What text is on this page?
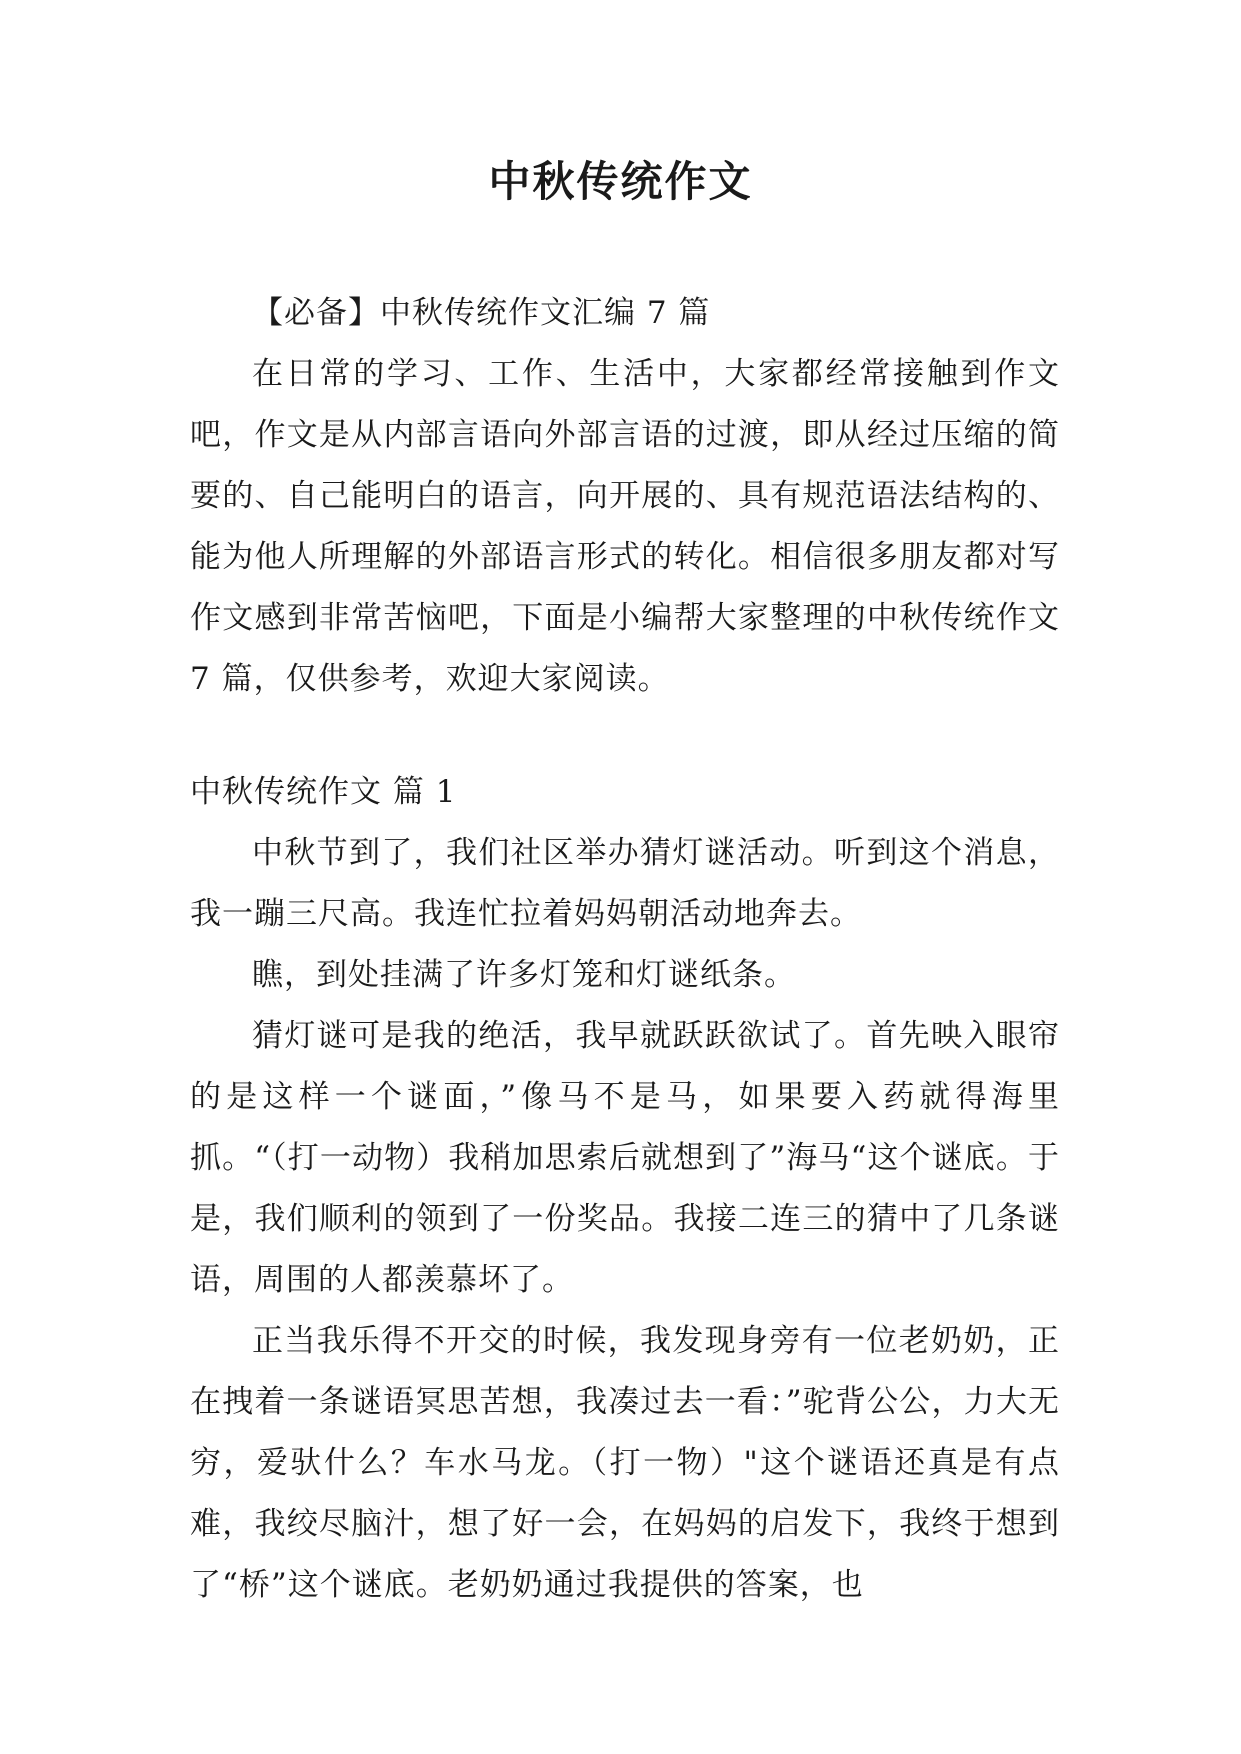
中秋传统作文

【必备】中秋传统作文汇编 7 篇

在日常的学习、工作、生活中，大家都经常接触到作文吧，作文是从内部言语向外部言语的过渡，即从经过压缩的简要的、自己能明白的语言，向开展的、具有规范语法结构的、能为他人所理解的外部语言形式的转化。相信很多朋友都对写作文感到非常苦恼吧，下面是小编帮大家整理的中秋传统作文 7 篇，仅供参考，欢迎大家阅读。

中秋传统作文 篇 1

中秋节到了，我们社区举办猜灯谜活动。听到这个消息，我一蹦三尺高。我连忙拉着妈妈朝活动地奔去。

瞧，到处挂满了许多灯笼和灯谜纸条。

猜灯谜可是我的绝活，我早就跃跃欲试了。首先映入眼帘的是这样一个谜面，”像马不是马，如果要入药就得海里抓。“（打一动物）我稍加思索后就想到了”海马“这个谜底。于是，我们顺利的领到了一份奖品。我接二连三的猜中了几条谜语，周围的人都羡慕坏了。

正当我乐得不开交的时候，我发现身旁有一位老奶奶，正在拽着一条谜语冥思苦想，我凑过去一看：”驼背公公，力大无穷，爱驮什么？车水马龙。（打一物）"这个谜语还真是有点难，我绞尽脑汁，想了好一会，在妈妈的启发下，我终于想到了“桥”这个谜底。老奶奶通过我提供的答案，也
